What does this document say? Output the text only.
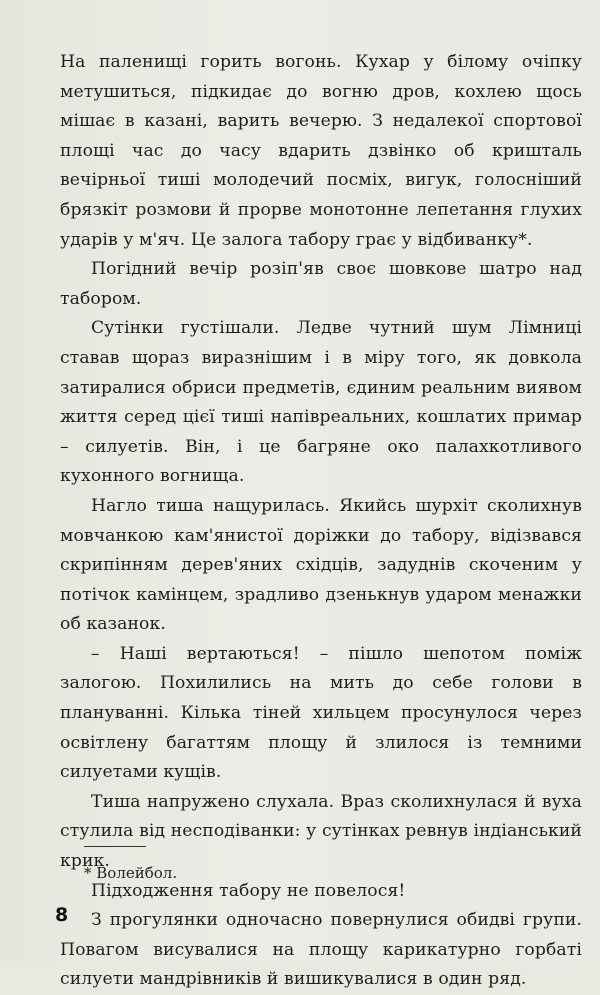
На паленищі горить вогонь. Кухар у білому очіпку метушиться, підкидає до вогню дров, кохлею щось мішає в казані, варить вечерю. З недалекої спортової площі час до часу вдарить дзвінко об кришталь вечірньої тиші молодечий посміх, вигук, голосніший брязкіт розмови й прорве монотонне лепетання глухих ударів у м'яч. Це залога табору грає у відбиванку*.

Погідний вечір розіп'яв своє шовкове шатро над табором.

Сутінки густішали. Ледве чутний шум Лімниці ставав щораз виразнішим і в міру того, як довкола затиралися обриси предметів, єдиним реальним виявом життя серед цієї тиші напівреальних, кошлатих примар – силуетів. Він, і це багряне око палахкотливого кухонного вогнища.

Нагло тиша нащурилась. Якийсь шурхіт сколихнув мовчанкою кам'янистої доріжки до табору, відізвався скрипінням дерев'яних східців, задуднів скоченим у потічок камінцем, зрадливо дзенькнув ударом менажки об казанок.

– Наші вертаються! – пішло шепотом поміж залогою. Похилились на мить до себе голови в плануванні. Кілька тіней хильцем просунулося через освітлену багаттям площу й злилося із темними силуетами кущів.

Тиша напружено слухала. Враз сколихнулася й вуха стулила від несподіванки: у сутінках ревнув індіанський крик.

Підходження табору не повелося!

З прогулянки одночасно повернулися обидві групи. Повагом висувалися на площу карикатурно горбаті силуети мандрівників й вишикувалися в один ряд.

* Волейбол.
8
